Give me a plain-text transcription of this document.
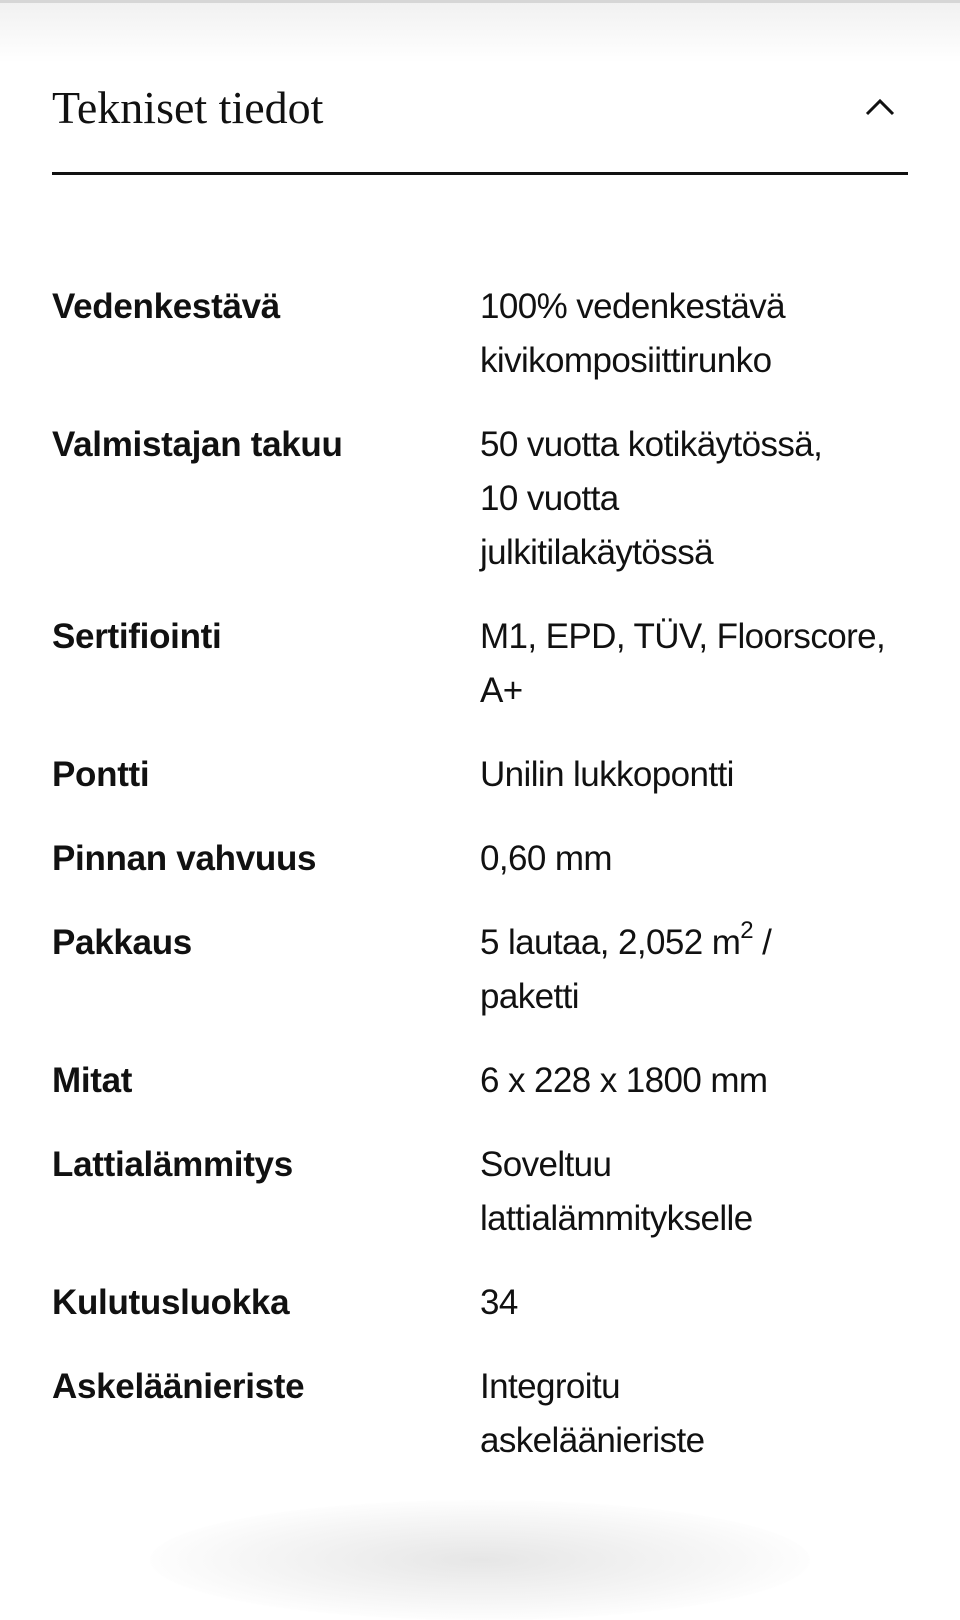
Tekniset tiedot
Vedenkestävä	100% vedenkestävä
kivikomposiittirunko
Valmistajan takuu	50 vuotta kotikäytössä,
10 vuotta
julkitilakäytössä
Sertifiointi	M1, EPD, TÜV, Floorscore,
A+
Pontti	Unilin lukkopontti
Pinnan vahvuus	0,60 mm
Pakkaus	5 lautaa, 2,052 $m^2$ /
paketti
Mitat	6 x 228 x 1800 mm
Lattialämmitys	Soveltuu
lattialämmitykselle
Kulutusluokka	34
Askeläänieriste	Integroitu
askeläänieriste
